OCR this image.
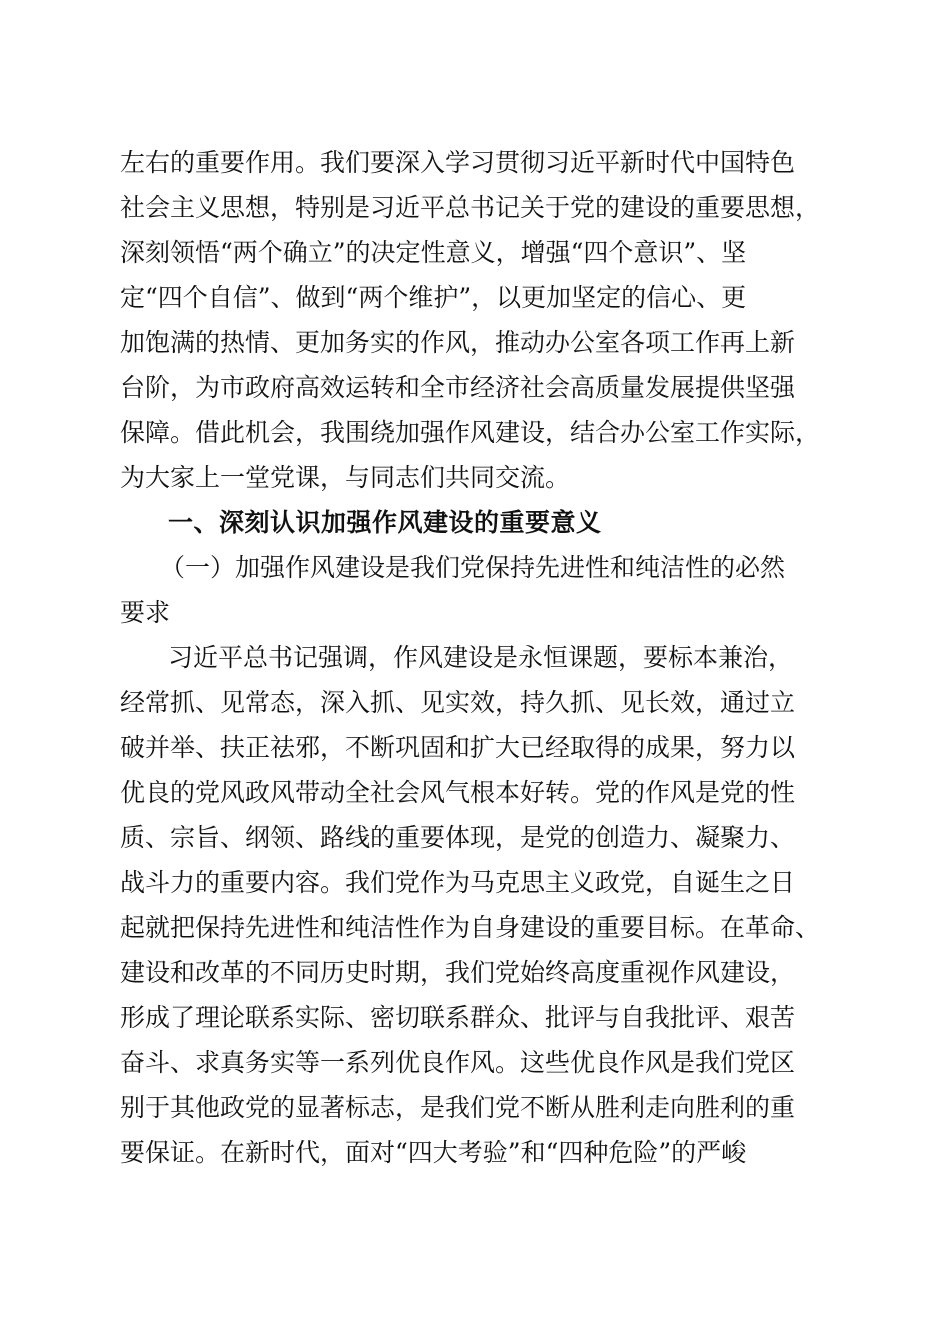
左右的重要作用。我们要深入学习贯彻习近平新时代中国特色
社会主义思想，特别是习近平总书记关于党的建设的重要思想，
深刻领悟“两个确立”的决定性意义，增强“四个意识”、坚
定“四个自信”、做到“两个维护”，以更加坚定的信心、更
加饱满的热情、更加务实的作风，推动办公室各项工作再上新
台阶，为市政府高效运转和全市经济社会高质量发展提供坚强
保障。借此机会，我围绕加强作风建设，结合办公室工作实际，
为大家上一堂党课，与同志们共同交流。
一、深刻认识加强作风建设的重要意义
（一）加强作风建设是我们党保持先进性和纯洁性的必然
要求
习近平总书记强调，作风建设是永恒课题，要标本兼治，
经常抓、见常态，深入抓、见实效，持久抓、见长效，通过立
破并举、扶正祛邪，不断巩固和扩大已经取得的成果，努力以
优良的党风政风带动全社会风气根本好转。党的作风是党的性
质、宗旨、纲领、路线的重要体现，是党的创造力、凝聚力、
战斗力的重要内容。我们党作为马克思主义政党，自诞生之日
起就把保持先进性和纯洁性作为自身建设的重要目标。在革命、
建设和改革的不同历史时期，我们党始终高度重视作风建设，
形成了理论联系实际、密切联系群众、批评与自我批评、艰苦
奋斗、求真务实等一系列优良作风。这些优良作风是我们党区
别于其他政党的显著标志，是我们党不断从胜利走向胜利的重
要保证。在新时代，面对“四大考验”和“四种危险”的严峻
